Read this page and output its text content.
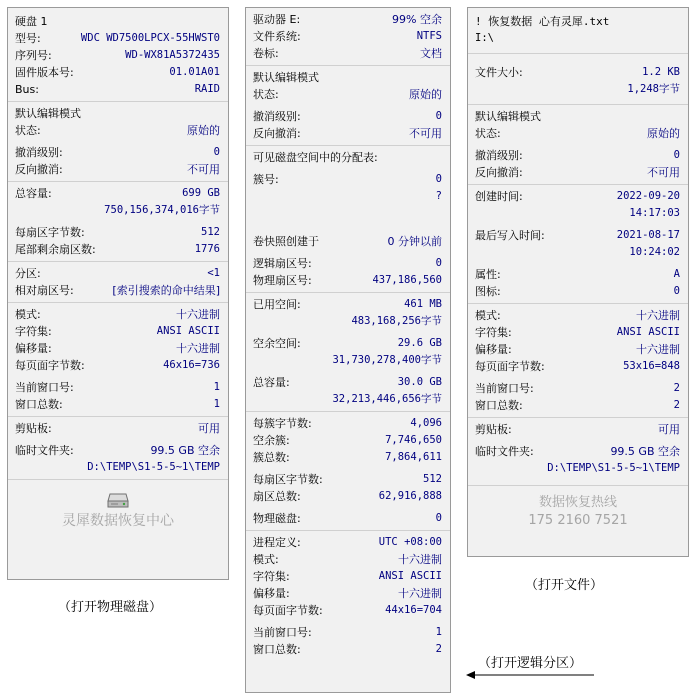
硬盘 1
型号:	WDC WD7500LPCX-55HWST0
序列号:	WD-WX81A5372435
固件版本号:	01.01A01
Bus:	RAID
默认编辑模式
状态:	原始的
撤消级别:	0
反向撤消:	不可用
总容量:	699 GB
750,156,374,016字节
每扇区字节数:	512
尾部剩余扇区数:	1776
分区:	<1
相对扇区号:	[索引搜索的命中结果]
模式:	十六进制
字符集:	ANSI ASCII
偏移量:	十六进制
每页面字节数:	46x16=736
当前窗口号:	1
窗口总数:	1
剪贴板:	可用
临时文件夹:	99.5 GB 空余
D:\TEMP\S1-5-5~1\TEMP
灵犀数据恢复中心
驱动器 E:	99% 空余
文件系统:	NTFS
卷标:	文档
默认编辑模式
状态:	原始的
撤消级别:	0
反向撤消:	不可用
可见磁盘空间中的分配表:
簇号:	0
?
卷快照创建于	0 分钟以前
逻辑扇区号:	0
物理扇区号:	437,186,560
已用空间:	461 MB
483,168,256字节
空余空间:	29.6 GB
31,730,278,400字节
总容量:	30.0 GB
32,213,446,656字节
每簇字节数:	4,096
空余簇:	7,746,650
簇总数:	7,864,611
每扇区字节数:	512
扇区总数:	62,916,888
物理磁盘:	0
进程定义:	UTC +08:00
模式:	十六进制
字符集:	ANSI ASCII
偏移量:	十六进制
每页面字节数:	44x16=704
当前窗口号:	1
窗口总数:	2
! 恢复数据 心有灵犀.txt
I:\
文件大小:	1.2 KB
1,248字节
默认编辑模式
状态:	原始的
撤消级别:	0
反向撤消:	不可用
创建时间:	2022-09-20
14:17:03
最后写入时间:	2021-08-17
10:24:02
属性:	A
图标:	0
模式:	十六进制
字符集:	ANSI ASCII
偏移量:	十六进制
每页面字节数:	53x16=848
当前窗口号:	2
窗口总数:	2
剪贴板:	可用
临时文件夹:	99.5 GB 空余
D:\TEMP\S1-5-5~1\TEMP
数据恢复热线
175 2160 7521
（打开物理磁盘）
（打开文件）
（打开逻辑分区）
